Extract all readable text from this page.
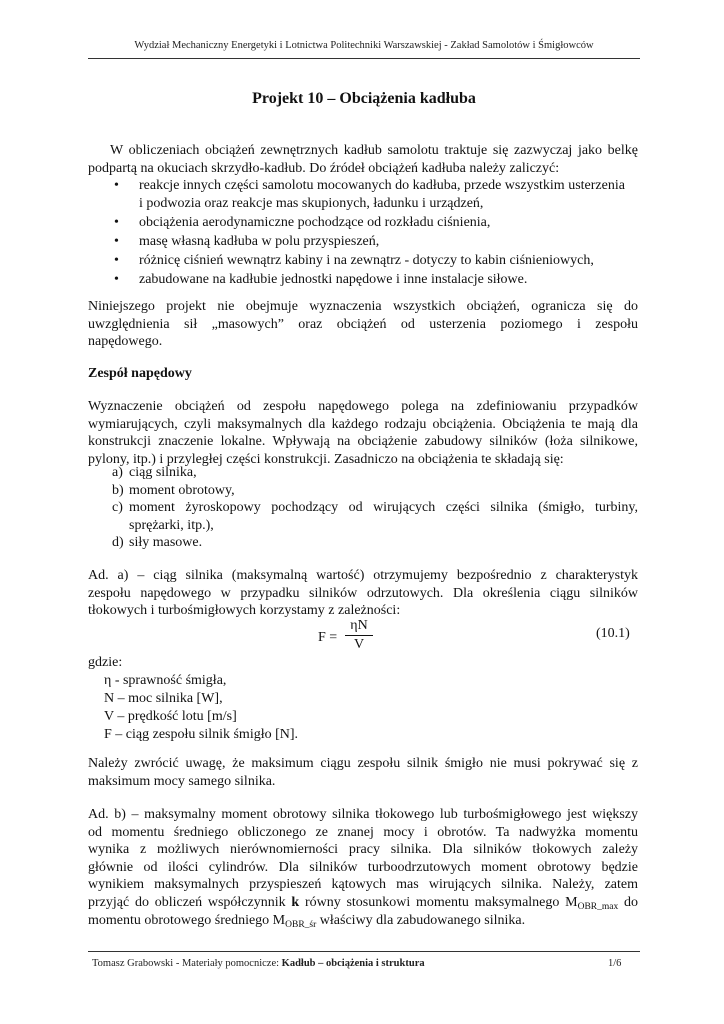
Wydział Mechaniczny Energetyki i Lotnictwa Politechniki Warszawskiej - Zakład Samolotów i Śmigłowców
Projekt 10 – Obciążenia kadłuba
W obliczeniach obciążeń zewnętrznych kadłub samolotu traktuje się zazwyczaj jako belkę
podpartą na okuciach skrzydło-kadłub. Do źródeł obciążeń kadłuba należy zaliczyć:
• reakcje innych części samolotu mocowanych do kadłuba, przede wszystkim usterzenia i podwozia oraz reakcje mas skupionych, ładunku i urządzeń,
• obciążenia aerodynamiczne pochodzące od rozkładu ciśnienia,
• masę własną kadłuba w polu przyspieszeń,
• różnicę ciśnień wewnątrz kabiny i na zewnątrz - dotyczy to kabin ciśnieniowych,
• zabudowane na kadłubie jednostki napędowe i inne instalacje siłowe.
Niniejszego projekt nie obejmuje wyznaczenia wszystkich obciążeń, ogranicza się do
uwzględnienia sił „masowych” oraz obciążeń od usterzenia poziomego i zespołu
napędowego.
Zespół napędowy
Wyznaczenie obciążeń od zespołu napędowego polega na zdefiniowaniu przypadków
wymiarujących, czyli maksymalnych dla każdego rodzaju obciążenia. Obciążenia te mają dla
konstrukcji znaczenie lokalne. Wpływają na obciążenie zabudowy silników (łoża silnikowe,
pylony, itp.) i przyległej części konstrukcji. Zasadniczo na obciążenia te składają się:
a) ciąg silnika,
b) moment obrotowy,
c) moment żyroskopowy pochodzący od wirujących części silnika (śmigło, turbiny, sprężarki, itp.),
d) siły masowe.
Ad. a) – ciąg silnika (maksymalną wartość) otrzymujemy bezpośrednio z charakterystyk
zespołu napędowego w przypadku silników odrzutowych. Dla określenia ciągu silników
tłokowych i turbośmigłowych korzystamy z zależności:
$F = \frac{\eta N}{V}$	(10.1)
gdzie:
η - sprawność śmigła,
N – moc silnika [W],
V – prędkość lotu [m/s]
F – ciąg zespołu silnik śmigło [N].
Należy zwrócić uwagę, że maksimum ciągu zespołu silnik śmigło nie musi pokrywać się z
maksimum mocy samego silnika.
Ad. b) – maksymalny moment obrotowy silnika tłokowego lub turbośmigłowego jest większy
od momentu średniego obliczonego ze znanej mocy i obrotów. Ta nadwyżka momentu
wynika z możliwych nierównomierności pracy silnika. Dla silników tłokowych zależy
głównie od ilości cylindrów. Dla silników turboodrzutowych moment obrotowy będzie
wynikiem maksymalnych przyspieszeń kątowych mas wirujących silnika. Należy, zatem
przyjąć do obliczeń współczynnik k równy stosunkowi momentu maksymalnego $M_{OBR\_max}$ do
momentu obrotowego średniego $M_{OBR\_śr}$ właściwy dla zabudowanego silnika.
Tomasz Grabowski - Materiały pomocnicze: Kadłub – obciążenia i struktura	1/6
